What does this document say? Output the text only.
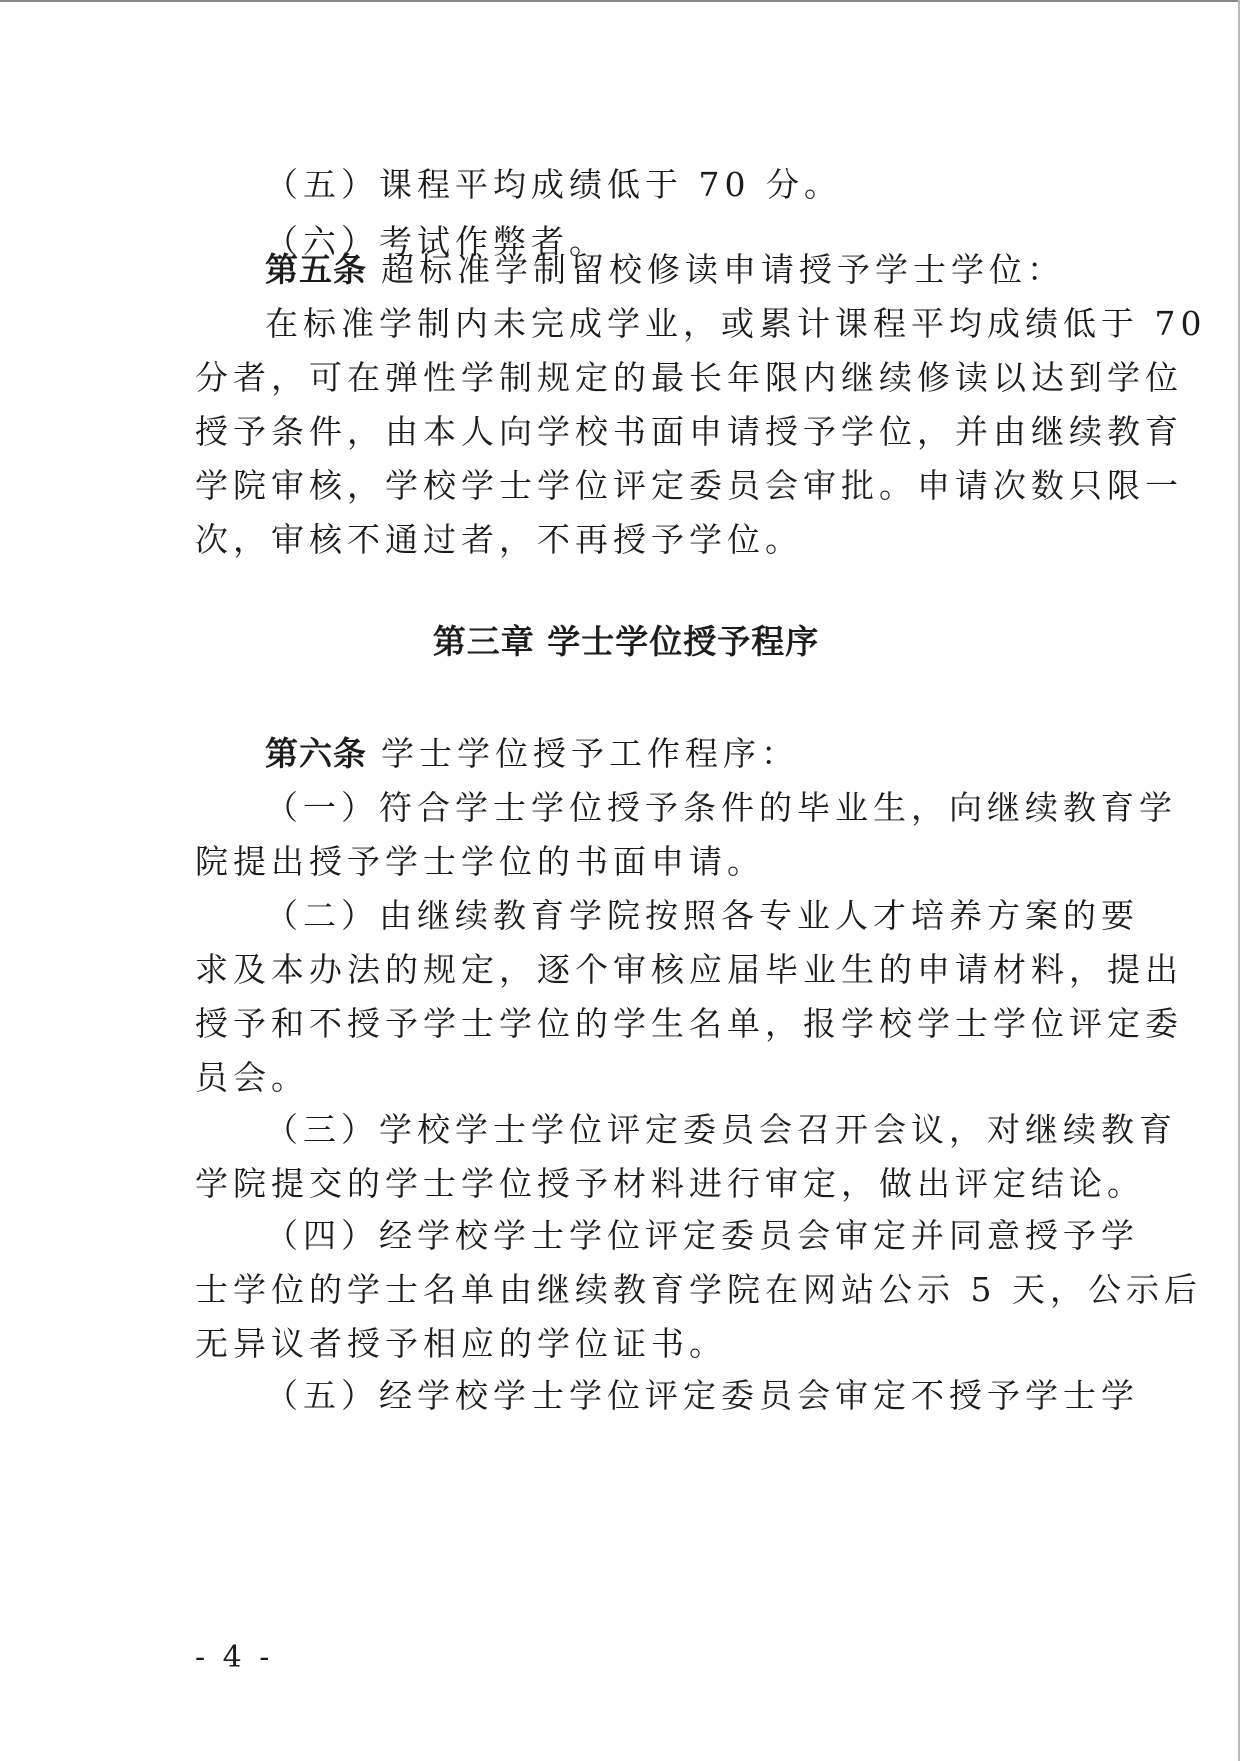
（五）课程平均成绩低于 70 分。
（六）考试作弊者。
第五条 超标准学制留校修读申请授予学士学位：
在标准学制内未完成学业，或累计课程平均成绩低于 70
分者，可在弹性学制规定的最长年限内继续修读以达到学位
授予条件，由本人向学校书面申请授予学位，并由继续教育
学院审核，学校学士学位评定委员会审批。申请次数只限一
次，审核不通过者，不再授予学位。
第三章 学士学位授予程序
第六条 学士学位授予工作程序：
（一）符合学士学位授予条件的毕业生，向继续教育学
院提出授予学士学位的书面申请。
（二）由继续教育学院按照各专业人才培养方案的要
求及本办法的规定，逐个审核应届毕业生的申请材料，提出
授予和不授予学士学位的学生名单，报学校学士学位评定委
员会。
（三）学校学士学位评定委员会召开会议，对继续教育
学院提交的学士学位授予材料进行审定，做出评定结论。
（四）经学校学士学位评定委员会审定并同意授予学
士学位的学士名单由继续教育学院在网站公示 5 天，公示后
无异议者授予相应的学位证书。
（五）经学校学士学位评定委员会审定不授予学士学
- 4 -
